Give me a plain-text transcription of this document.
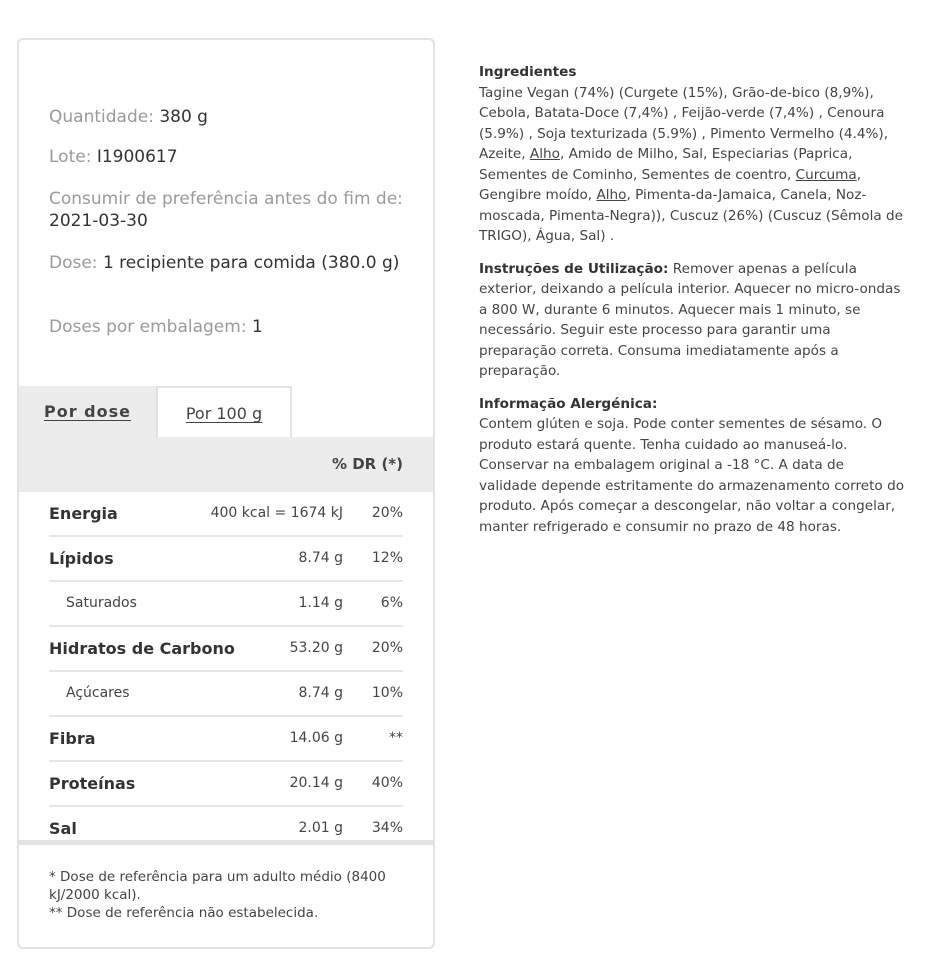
Quantidade: 380 g

Lote: I1900617

Consumir de preferência antes do fim de: 2021-03-30

Dose: 1 recipiente para comida (380.0 g)

Doses por embalagem: 1

Por dose	Por 100 g
% DR (*)
Energia	400 kcal = 1674 kJ 20%
Lípidos	8.74 g 12%
Saturados	1.14 g	6%
Hidratos de Carbono	53.20 g 20%
Açúcares	8.74 g 10%
Fibra	14.06 g	**
Proteínas	20.14 g 40%
Sal	2.01 g 34%
* Dose de referência para um adulto médio (8400 kJ/2000 kcal).
** Dose de referência não estabelecida.
Ingredientes

Tagine Vegan (74%) (Curgete (15%), Grão-de-bico (8,9%), Cebola, Batata-Doce (7,4%) , Feijão-verde (7,4%) , Cenoura (5.9%) , Soja texturizada (5.9%) , Pimento Vermelho (4.4%), Azeite, Alho, Amido de Milho, Sal, Especiarias (Paprica, Sementes de Cominho, Sementes de coentro, Curcuma, Gengibre moído, Alho, Pimenta-da-Jamaica, Canela, Noz-moscada, Pimenta-Negra)), Cuscuz (26%) (Cuscuz (Sêmola de TRIGO), Água, Sal) .

Instruções de Utilização: Remover apenas a película exterior, deixando a película interior. Aquecer no micro-ondas a 800 W, durante 6 minutos. Aquecer mais 1 minuto, se necessário. Seguir este processo para garantir uma preparação correta. Consuma imediatamente após a preparação.

Informação Alergénica:

Contem glúten e soja. Pode conter sementes de sésamo. O produto estará quente. Tenha cuidado ao manuseá-lo. Conservar na embalagem original a -18 °C. A data de validade depende estritamente do armazenamento correto do produto. Após começar a descongelar, não voltar a congelar, manter refrigerado e consumir no prazo de 48 horas.
